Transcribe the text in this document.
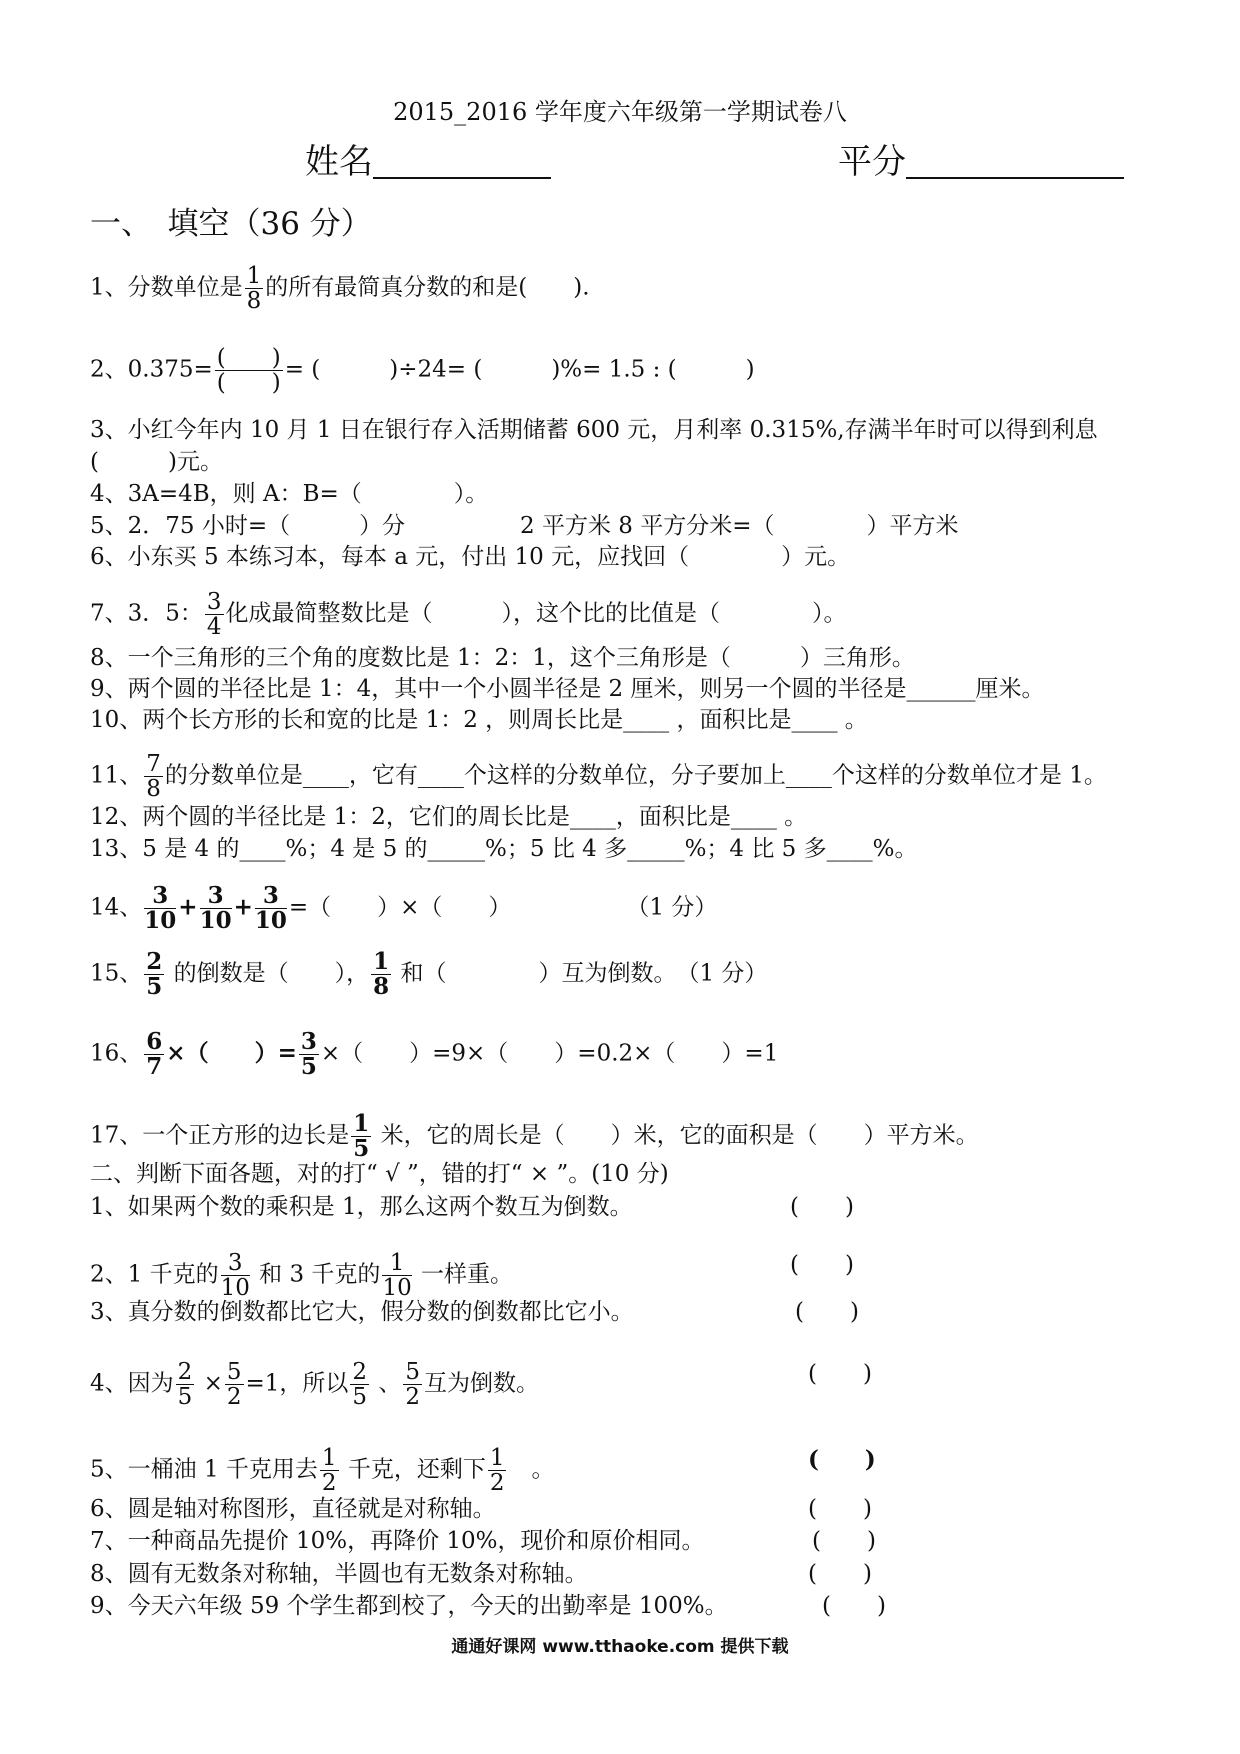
2015_2016 学年度六年级第一学期试卷八
姓名	平分
一、　 填空（36 分）
1、分数单位是 $\frac{1}{8}$ 的所有最简真分数的和是(　　).
2、$0.375= \frac{( )}{( )}$ = (　　　)÷24= (　　　)%= 1.5 : (　　　)
3、小红今年内 10 月 1 日在银行存入活期储蓄 600 元，月利率 0.315%,存满半年时可以得到利息
(　　　)元。
4、3A=4B，则 A：B=（　　　　）。
5、2．75 小时=（　　　）分	2 平方米 8 平方分米=（　　　　）平方米
6、小东买 5 本练习本，每本 a 元，付出 10 元，应找回（　　　　）元。
7、3．5： $\frac{3}{4}$ 化成最简整数比是（　　　），这个比的比值是（　　　　）。
8、一个三角形的三个角的度数比是 1：2：1，这个三角形是（　　　）三角形。
9、两个圆的半径比是 1：4，其中一个小圆半径是 2 厘米，则另一个圆的半径是______厘米。
10、两个长方形的长和宽的比是 1：2 ，则周长比是____ ，面积比是____ 。
11、 $\frac{7}{8}$ 的分数单位是____，它有____个这样的分数单位，分子要加上____个这样的分数单位才是 1。
12、两个圆的半径比是 1：2，它们的周长比是____，面积比是____ 。
13、5 是 4 的____%；4 是 5 的_____%；5 比 4 多_____%；4 比 5 多____%。
14、 $\frac{3}{10} + \frac{3}{10} + \frac{3}{10}$ =（　　）×（　　）　　　　　　（1 分）
15、 $\frac{2}{5}$ 的倒数是（　　）， $\frac{1}{8}$ 和（　　　　）互为倒数。　（1 分）
16、 $\frac{6}{7}$ ×（　　）= $\frac{3}{5}$ ×（　　）=9×（　　）=0.2×（　　）=1
17、一个正方形的边长是 $\frac{1}{5}$ 米，它的周长是（　　）米，它的面积是（　　）平方米。
二、判断下面各题，对的打“ √ ”，错的打“ × ”。(10 分)
1、如果两个数的乘积是 1，那么这两个数互为倒数。	(　　)
2、1 千克的 $\frac{3}{10}$ 和 3 千克的 $\frac{1}{10}$ 一样重。	(　　)
3、真分数的倒数都比它大，假分数的倒数都比它小。	(　　)
4、因为 $\frac{2}{5} \times \frac{5}{2} =1$，所以 $\frac{2}{5}$ 、 $\frac{5}{2}$ 互为倒数。	(　　)
5、一桶油 1 千克用去 $\frac{1}{2}$ 千克，还剩下 $\frac{1}{2}$
　 。	(　　)
6、圆是轴对称图形，直径就是对称轴。	(　　)
7、一种商品先提价 10%，再降价 10%，现价和原价相同。	(　　)
8、圆有无数条对称轴，半圆也有无数条对称轴。	(　　)
9、今天六年级 59 个学生都到校了，今天的出勤率是 100%。	(　　)
通通好课网 www.tthaoke.com 提供下载
